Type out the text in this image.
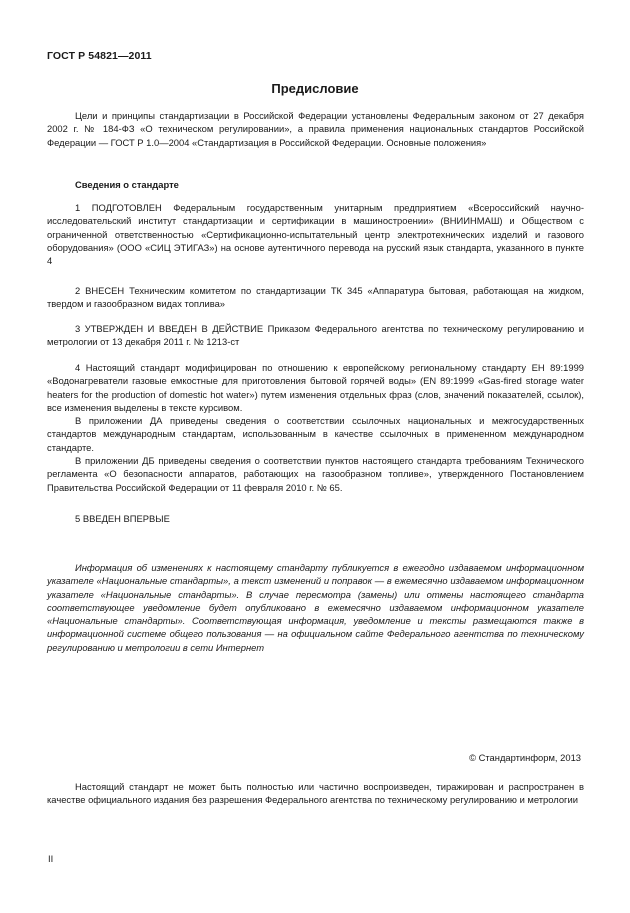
ГОСТ Р 54821—2011
Предисловие

Цели и принципы стандартизации в Российской Федерации установлены Федеральным законом от 27 декабря 2002 г. № 184-ФЗ «О техническом регулировании», а правила применения национальных стандартов Российской Федерации — ГОСТ Р 1.0—2004 «Стандартизация в Российской Федерации. Основные положения»

Сведения о стандарте

1 ПОДГОТОВЛЕН Федеральным государственным унитарным предприятием «Всероссийский научно-исследовательский институт стандартизации и сертификации в машиностроении» (ВНИИНМАШ) и Обществом с ограниченной ответственностью «Сертификационно-испытательный центр электротехнических изделий и газового оборудования» (ООО «СИЦ ЭТИГАЗ») на основе аутентичного перевода на русский язык стандарта, указанного в пункте 4

2 ВНЕСЕН Техническим комитетом по стандартизации ТК 345 «Аппаратура бытовая, работающая на жидком, твердом и газообразном видах топлива»

3 УТВЕРЖДЕН И ВВЕДЕН В ДЕЙСТВИЕ Приказом Федерального агентства по техническому регулированию и метрологии от 13 декабря 2011 г. № 1213-ст

4 Настоящий стандарт модифицирован по отношению к европейскому региональному стандарту ЕН 89:1999 «Водонагреватели газовые емкостные для приготовления бытовой горячей воды» (EN 89:1999 «Gas-fired storage water heaters for the production of domestic hot water») путем изменения отдельных фраз (слов, значений показателей, ссылок), все изменения выделены в тексте курсивом.

В приложении ДА приведены сведения о соответствии ссылочных национальных и межгосударственных стандартов международным стандартам, использованным в качестве ссылочных в примененном международном стандарте.

В приложении ДБ приведены сведения о соответствии пунктов настоящего стандарта требованиям Технического регламента «О безопасности аппаратов, работающих на газообразном топливе», утвержденного Постановлением Правительства Российской Федерации от 11 февраля 2010 г. № 65.

5 ВВЕДЕН ВПЕРВЫЕ

Информация об изменениях к настоящему стандарту публикуется в ежегодно издаваемом информационном указателе «Национальные стандарты», а текст изменений и поправок — в ежемесячно издаваемом информационном указателе «Национальные стандарты». В случае пересмотра (замены) или отмены настоящего стандарта соответствующее уведомление будет опубликовано в ежемесячно издаваемом информационном указателе «Национальные стандарты». Соответствующая информация, уведомление и тексты размещаются также в информационной системе общего пользования — на официальном сайте Федерального агентства по техническому регулированию и метрологии в сети Интернет

© Стандартинформ, 2013

Настоящий стандарт не может быть полностью или частично воспроизведен, тиражирован и распространен в качестве официального издания без разрешения Федерального агентства по техническому регулированию и метрологии

II
